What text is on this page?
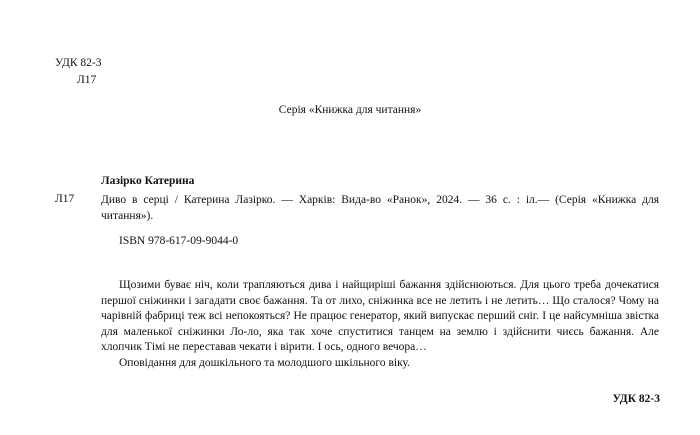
УДК 82-3
Л17
Серія «Книжка для читання»
Лазірко Катерина
Л17 Диво в серці / Катерина Лазірко. — Харків: Вида-во «Ранок», 2024. — 36 с. : іл.— (Серія «Книжка для читання»).
ISBN 978-617-09-9044-0

Щозими буває ніч, коли трапляються дива і найщиріші бажання здійснюються. Для цього треба дочекатися першої сніжинки і загадати своє бажання. Та от лихо, сніжинка все не летить і не летить… Що сталося? Чому на чарівній фабриці теж всі непокояться? Не працює генератор, який випускає перший сніг. І це найсумніша звістка для маленької сніжинки Ло-ло, яка так хоче спуститися танцем на землю і здійснити чиєсь бажання. Але хлопчик Тімі не переставав чекати і вірити. І ось, одного вечора…

Оповідання для дошкільного та молодшого шкільного віку.

УДК 82-3
